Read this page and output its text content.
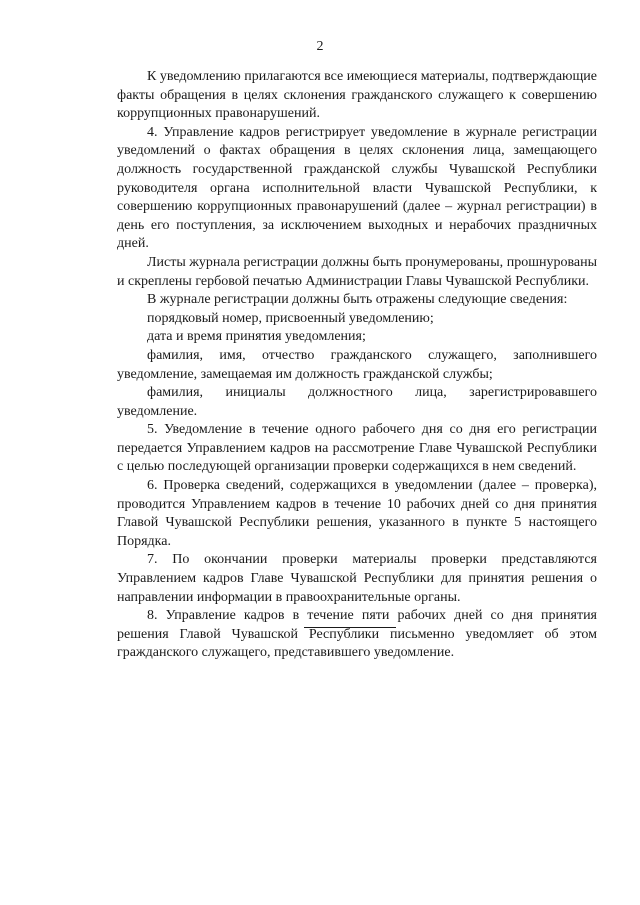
2

К уведомлению прилагаются все имеющиеся материалы, подтверждающие факты обращения в целях склонения гражданского служащего к совершению коррупционных правонарушений.

4. Управление кадров регистрирует уведомление в журнале регистрации уведомлений о фактах обращения в целях склонения лица, замещающего должность государственной гражданской службы Чувашской Республики руководителя органа исполнительной власти Чувашской Республики, к совершению коррупционных правонарушений (далее – журнал регистрации) в день его поступления, за исключением выходных и нерабочих праздничных дней.

Листы журнала регистрации должны быть пронумерованы, прошнурованы и скреплены гербовой печатью Администрации Главы Чувашской Республики.

В журнале регистрации должны быть отражены следующие сведения:

порядковый номер, присвоенный уведомлению;

дата и время принятия уведомления;

фамилия, имя, отчество гражданского служащего, заполнившего уведомление, замещаемая им должность гражданской службы;

фамилия, инициалы должностного лица, зарегистрировавшего уведомление.

5. Уведомление в течение одного рабочего дня со дня его регистрации передается Управлением кадров на рассмотрение Главе Чувашской Республики с целью последующей организации проверки содержащихся в нем сведений.

6. Проверка сведений, содержащихся в уведомлении (далее – проверка), проводится Управлением кадров в течение 10 рабочих дней со дня принятия Главой Чувашской Республики решения, указанного в пункте 5 настоящего Порядка.

7. По окончании проверки материалы проверки представляются Управлением кадров Главе Чувашской Республики для принятия решения о направлении информации в правоохранительные органы.

8. Управление кадров в течение пяти рабочих дней со дня принятия решения Главой Чувашской Республики письменно уведомляет об этом гражданского служащего, представившего уведомление.
